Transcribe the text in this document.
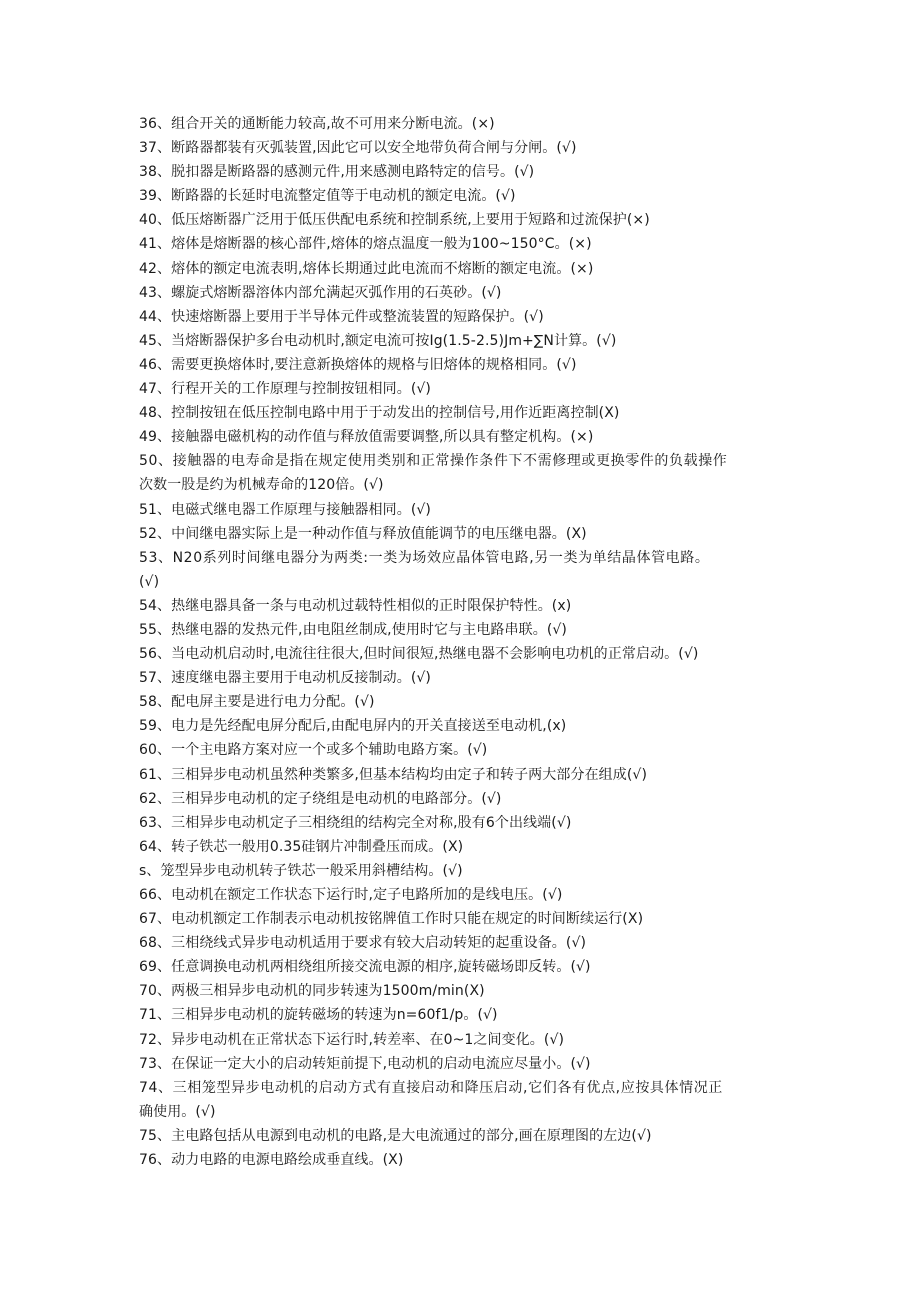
36、组合开关的通断能力较高,故不可用来分断电流。(×)
37、断路器都装有灭弧装置,因此它可以安全地带负荷合闸与分闸。(√)
38、脱扣器是断路器的感测元件,用来感测电路特定的信号。(√)
39、断路器的长延时电流整定值等于电动机的额定电流。(√)
40、低压熔断器广泛用于低压供配电系统和控制系统,上要用于短路和过流保护(×)
41、熔体是熔断器的核心部件,熔体的熔点温度一般为100~150°C。(×)
42、熔体的额定电流表明,熔体长期通过此电流而不熔断的额定电流。(×)
43、螺旋式熔断器溶体内部允满起灭弧作用的石英砂。(√)
44、快速熔断器上要用于半导体元件或整流装置的短路保护。(√)
45、当熔断器保护多台电动机时,额定电流可按Ig(1.5-2.5)Jm+∑N计算。(√)
46、需要更换熔体时,要注意新换熔体的规格与旧熔体的规格相同。(√)
47、行程开关的工作原理与控制按钮相同。(√)
48、控制按钮在低压控制电路中用于于动发出的控制信号,用作近距离控制(X)
49、接触器电磁机构的动作值与释放值需要调整,所以具有整定机构。(×)
50、接触器的电寿命是指在规定使用类别和正常操作条件下不需修理或更换零件的负载操作
次数一股是约为机械寿命的120倍。(√)
51、电磁式继电器工作原理与接触器相同。(√)
52、中间继电器实际上是一种动作值与释放值能调节的电压继电器。(X)
53、N20系列时间继电器分为两类:一类为场效应晶体管电路,另一类为单结晶体管电路。
(√)
54、热继电器具备一条与电动机过载特性相似的正时限保护特性。(x)
55、热继电器的发热元件,由电阻丝制成,使用时它与主电路串联。(√)
56、当电动机启动时,电流往往很大,但时间很短,热继电器不会影响电功机的正常启动。(√)
57、速度继电器主要用于电动机反接制动。(√)
58、配电屏主要是进行电力分配。(√)
59、电力是先经配电屏分配后,由配电屏内的开关直接送至电动机,(x)
60、一个主电路方案对应一个或多个辅助电路方案。(√)
61、三相异步电动机虽然种类繁多,但基本结构均由定子和转子两大部分在组成(√)
62、三相异步电动机的定子绕组是电动机的电路部分。(√)
63、三相异步电动机定子三相绕组的结构完全对称,股有6个出线端(√)
64、转子铁芯一般用0.35硅钢片冲制叠压而成。(X)
s、笼型异步电动机转子铁芯一般采用斜槽结构。(√)
66、电动机在额定工作状态下运行时,定子电路所加的是线电压。(√)
67、电动机额定工作制表示电动机按铭牌值工作时只能在规定的时间断续运行(X)
68、三相绕线式异步电动机适用于要求有较大启动转矩的起重设备。(√)
69、任意调换电动机两相绕组所接交流电源的相序,旋转磁场即反转。(√)
70、两极三相异步电动机的同步转速为1500m/min(X)
71、三相异步电动机的旋转磁场的转速为n=60f1/p。(√)
72、异步电动机在正常状态下运行时,转差率、在0~1之间变化。(√)
73、在保证一定大小的启动转矩前提下,电动机的启动电流应尽量小。(√)
74、三相笼型异步电动机的启动方式有直接启动和降压启动,它们各有优点,应按具体情况正
确使用。(√)
75、主电路包括从电源到电动机的电路,是大电流通过的部分,画在原理图的左边(√)
76、动力电路的电源电路绘成垂直线。(X)
